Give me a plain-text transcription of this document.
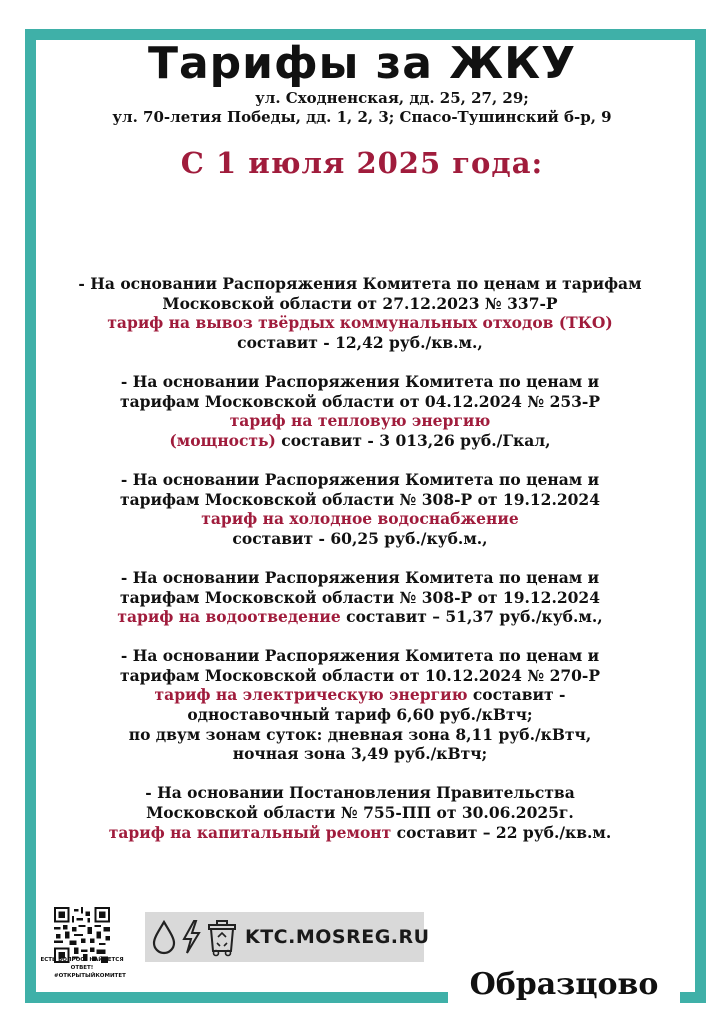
Тарифы за ЖКУ
ул. Сходненская, дд. 25, 27, 29;
ул. 70-летия Победы, дд. 1, 2, 3; Спасо-Тушинский б-р, 9
С 1 июля 2025 года:
- На основании Распоряжения Комитета по ценам и тарифам
Московской области от 27.12.2023 № 337-Р
тариф на вывоз твёрдых коммунальных отходов (ТКО)
составит - 12,42 руб./кв.м.,
- На основании Распоряжения Комитета по ценам и
тарифам Московской области от 04.12.2024 № 253-Р
тариф на тепловую энергию
(мощность) составит - 3 013,26 руб./Гкал,
- На основании Распоряжения Комитета по ценам и
тарифам Московской области № 308-Р от 19.12.2024
тариф на холодное водоснабжение
составит - 60,25 руб./куб.м.,
- На основании Распоряжения Комитета по ценам и
тарифам Московской области № 308-Р от 19.12.2024
тариф на водоотведение составит – 51,37 руб./куб.м.,
- На основании Распоряжения Комитета по ценам и
тарифам Московской области от 10.12.2024 № 270-Р
тариф на электрическую энергию составит -
одноставочный тариф 6,60 руб./кВтч;
по двум зонам суток: дневная зона 8,11 руб./кВтч,
ночная зона 3,49 руб./кВтч;
- На основании Постановления Правительства
Московской области № 755-ПП от 30.06.2025г.
тариф на капитальный ремонт составит – 22 руб./кв.м.
ЕСТЬ ВОПРОС? НАЙДЕТСЯ ОТВЕТ!
#ОТКРЫТЫЙКОМИТЕТ
KTC.MOSREG.RU
Образцово
